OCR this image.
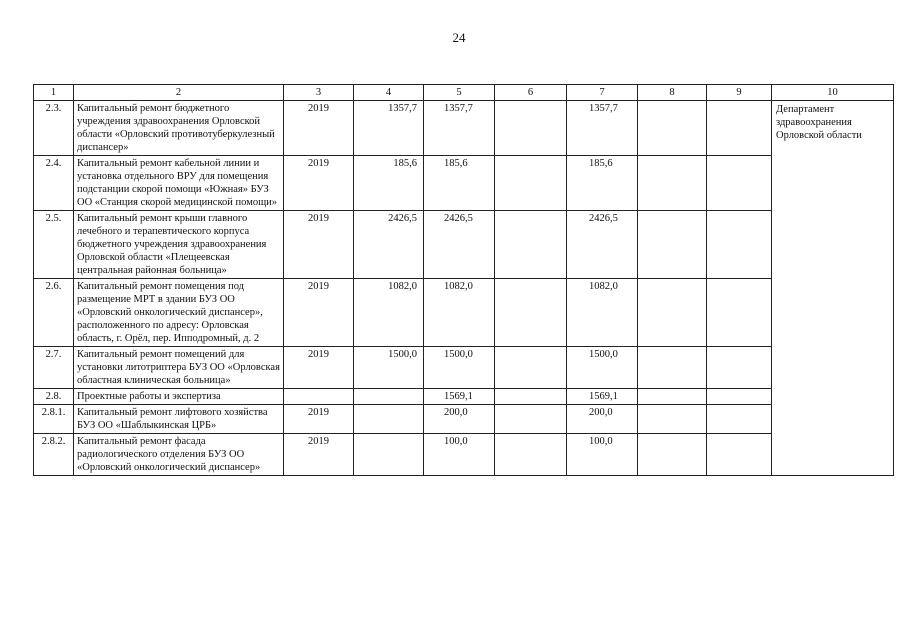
24
1	2	3	4	5	6	7	8	9	10
2.3.	Капитальный ремонт бюджетного учреждения здравоохранения Орловской области «Орловский противотуберкулезный диспансер»	2019	1357,7	1357,7		1357,7			Департамент здравоохранения Орловской области
2.4.	Капитальный ремонт кабельной линии и установка отдельного ВРУ для помещения подстанции скорой помощи «Южная» БУЗ ОО «Станция скорой медицинской помощи»	2019	185,6	185,6		185,6			
2.5.	Капитальный ремонт крыши главного лечебного и терапевтического корпуса бюджетного учреждения здравоохранения Орловской области «Плещеевская центральная районная больница»	2019	2426,5	2426,5		2426,5			
2.6.	Капитальный ремонт помещения под размещение МРТ в здании БУЗ ОО «Орловский онкологический диспансер», расположенного по адресу: Орловская область, г. Орёл, пер. Ипподромный, д. 2	2019	1082,0	1082,0		1082,0			
2.7.	Капитальный ремонт помещений для установки литотриптера БУЗ ОО «Орловская областная клиническая больница»	2019	1500,0	1500,0		1500,0			
2.8.	Проектные работы и экспертиза			1569,1		1569,1			
2.8.1.	Капитальный ремонт лифтового хозяйства БУЗ ОО «Шаблыкинская ЦРБ»	2019		200,0		200,0			
2.8.2.	Капитальный ремонт фасада радиологического отделения БУЗ ОО «Орловский онкологический диспансер»	2019		100,0		100,0			
